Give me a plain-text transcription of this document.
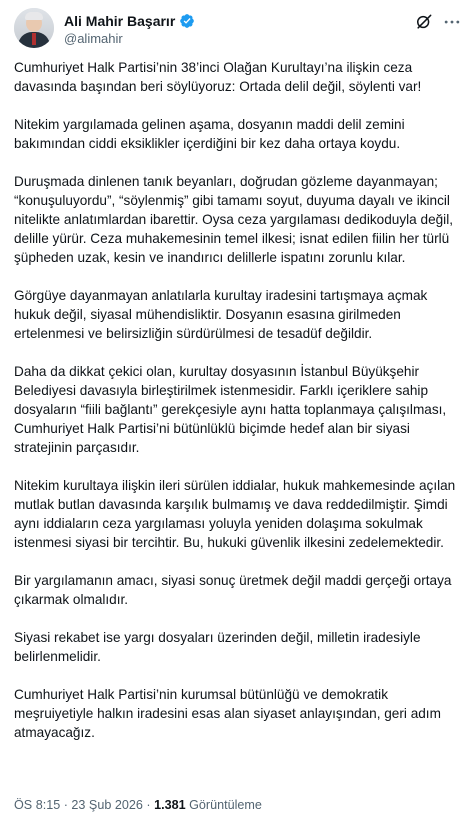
Ali Mahir Başarır
@alimahir

Cumhuriyet Halk Partisi’nin 38’inci Olağan Kurultayı’na ilişkin ceza davasında başından beri söylüyoruz: Ortada delil değil, söylenti var!

Nitekim yargılamada gelinen aşama, dosyanın maddi delil zemini bakımından ciddi eksiklikler içerdiğini bir kez daha ortaya koydu.

Duruşmada dinlenen tanık beyanları, doğrudan gözleme dayanmayan; “konuşuluyordu”, “söylenmiş” gibi tamamı soyut, duyuma dayalı ve ikincil nitelikte anlatımlardan ibarettir. Oysa ceza yargılaması dedikoduyla değil, delille yürür. Ceza muhakemesinin temel ilkesi; isnat edilen fiilin her türlü şüpheden uzak, kesin ve inandırıcı delillerle ispatını zorunlu kılar.

Görgüye dayanmayan anlatılarla kurultay iradesini tartışmaya açmak hukuk değil, siyasal mühendisliktir. Dosyanın esasına girilmeden ertelenmesi ve belirsizliğin sürdürülmesi de tesadüf değildir.

Daha da dikkat çekici olan, kurultay dosyasının İstanbul Büyükşehir Belediyesi davasıyla birleştirilmek istenmesidir. Farklı içeriklere sahip dosyaların “fiili bağlantı” gerekçesiyle aynı hatta toplanmaya çalışılması, Cumhuriyet Halk Partisi’ni bütünlüklü biçimde hedef alan bir siyasi stratejinin parçasıdır.

Nitekim kurultaya ilişkin ileri sürülen iddialar, hukuk mahkemesinde açılan mutlak butlan davasında karşılık bulmamış ve dava reddedilmiştir. Şimdi aynı iddiaların ceza yargılaması yoluyla yeniden dolaşıma sokulmak istenmesi siyasi bir tercihtir. Bu, hukuki güvenlik ilkesini zedelemektedir.

Bir yargılamanın amacı, siyasi sonuç üretmek değil maddi gerçeği ortaya çıkarmak olmalıdır.

Siyasi rekabet ise yargı dosyaları üzerinden değil, milletin iradesiyle belirlenmelidir.

Cumhuriyet Halk Partisi’nin kurumsal bütünlüğü ve demokratik meşruiyetiyle halkın iradesini esas alan siyaset anlayışından, geri adım atmayacağız.

ÖS 8:15 · 23 Şub 2026 · 1.381 Görüntüleme
